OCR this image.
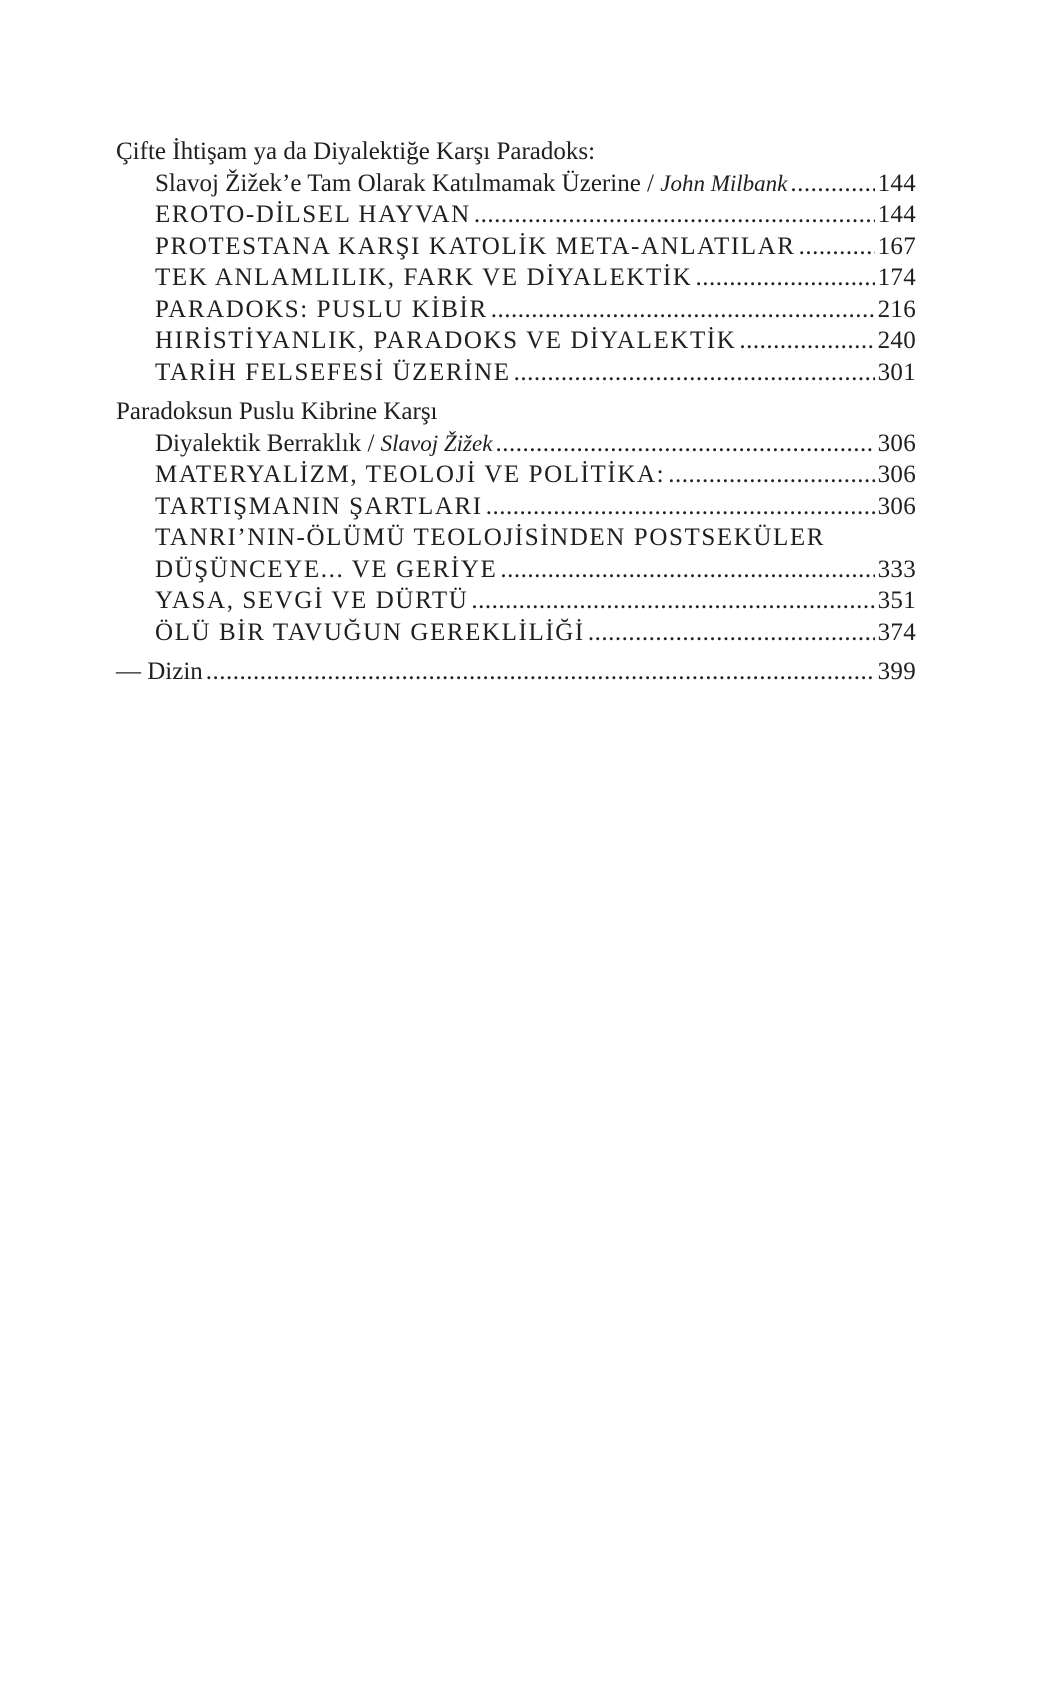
Çifte İhtişam ya da Diyalektiğe Karşı Paradoks:
Slavoj Žižek’e Tam Olarak Katılmamak Üzerine / John Milbank .....	144
EROTO-DİLSEL HAYVAN .....	144
PROTESTANA KARŞI KATOLİK META-ANLATILAR .....	167
TEK ANLAMLILIK, FARK VE DİYALEKTİK .....	174
PARADOKS: PUSLU KİBİR .....	216
HIRİSTİYANLIK, PARADOKS VE DİYALEKTİK .....	240
TARİH FELSEFESİ ÜZERİNE .....	301
Paradoksun Puslu Kibrine Karşı
Diyalektik Berraklık / Slavoj Žižek .....	306
MATERYALİZM, TEOLOJİ VE POLİTİKA: .....	306
TARTIŞMANIN ŞARTLARI .....	306
TANRI’NIN-ÖLÜMÜ TEOLOJİSİNDEN POSTSEKÜLER
DÜŞÜNCEYE... VE GERİYE .....	333
YASA, SEVGİ VE DÜRTÜ .....	351
ÖLÜ BİR TAVUĞUN GEREKLİLİĞİ .....	374
— Dizin .....	399
